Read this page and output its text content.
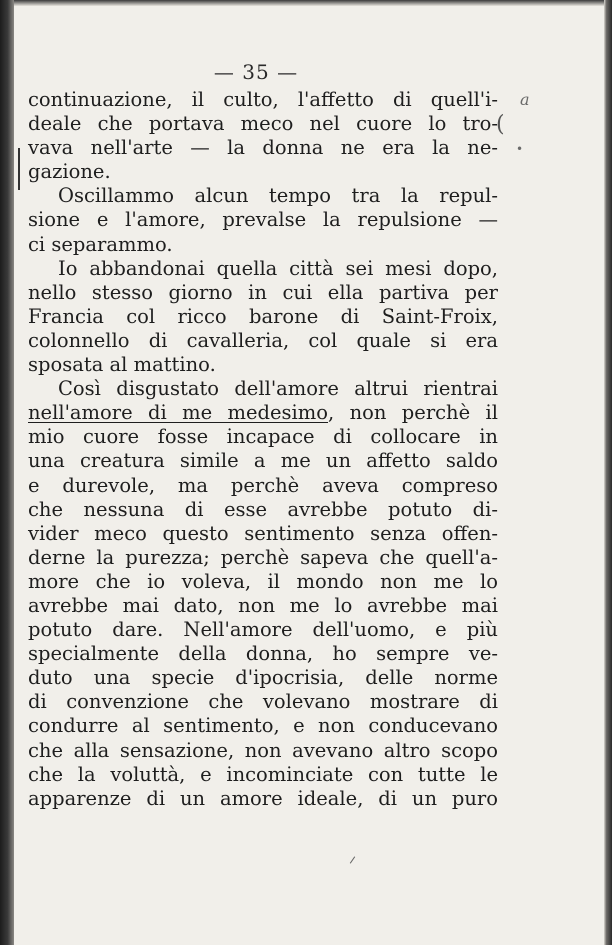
— 35 —
a
(
•
continuazione, il culto, l'affetto di quell'i-
deale che portava meco nel cuore lo tro-
vava nell'arte — la donna ne era la ne-
gazione.
Oscillammo alcun tempo tra la repul-
sione e l'amore, prevalse la repulsione —
ci separammo.
Io abbandonai quella città sei mesi dopo,
nello stesso giorno in cui ella partiva per
Francia col ricco barone di Saint-Froix,
colonnello di cavalleria, col quale si era
sposata al mattino.
Così disgustato dell'amore altrui rientrai
nell'amore di me medesimo, non perchè il
mio cuore fosse incapace di collocare in
una creatura simile a me un affetto saldo
e durevole, ma perchè aveva compreso
che nessuna di esse avrebbe potuto di-
vider meco questo sentimento senza offen-
derne la purezza; perchè sapeva che quell'a-
more che io voleva, il mondo non me lo
avrebbe mai dato, non me lo avrebbe mai
potuto dare. Nell'amore dell'uomo, e più
specialmente della donna, ho sempre ve-
duto una specie d'ipocrisia, delle norme
di convenzione che volevano mostrare di
condurre al sentimento, e non conducevano
che alla sensazione, non avevano altro scopo
che la voluttà, e incominciate con tutte le
apparenze di un amore ideale, di un puro
